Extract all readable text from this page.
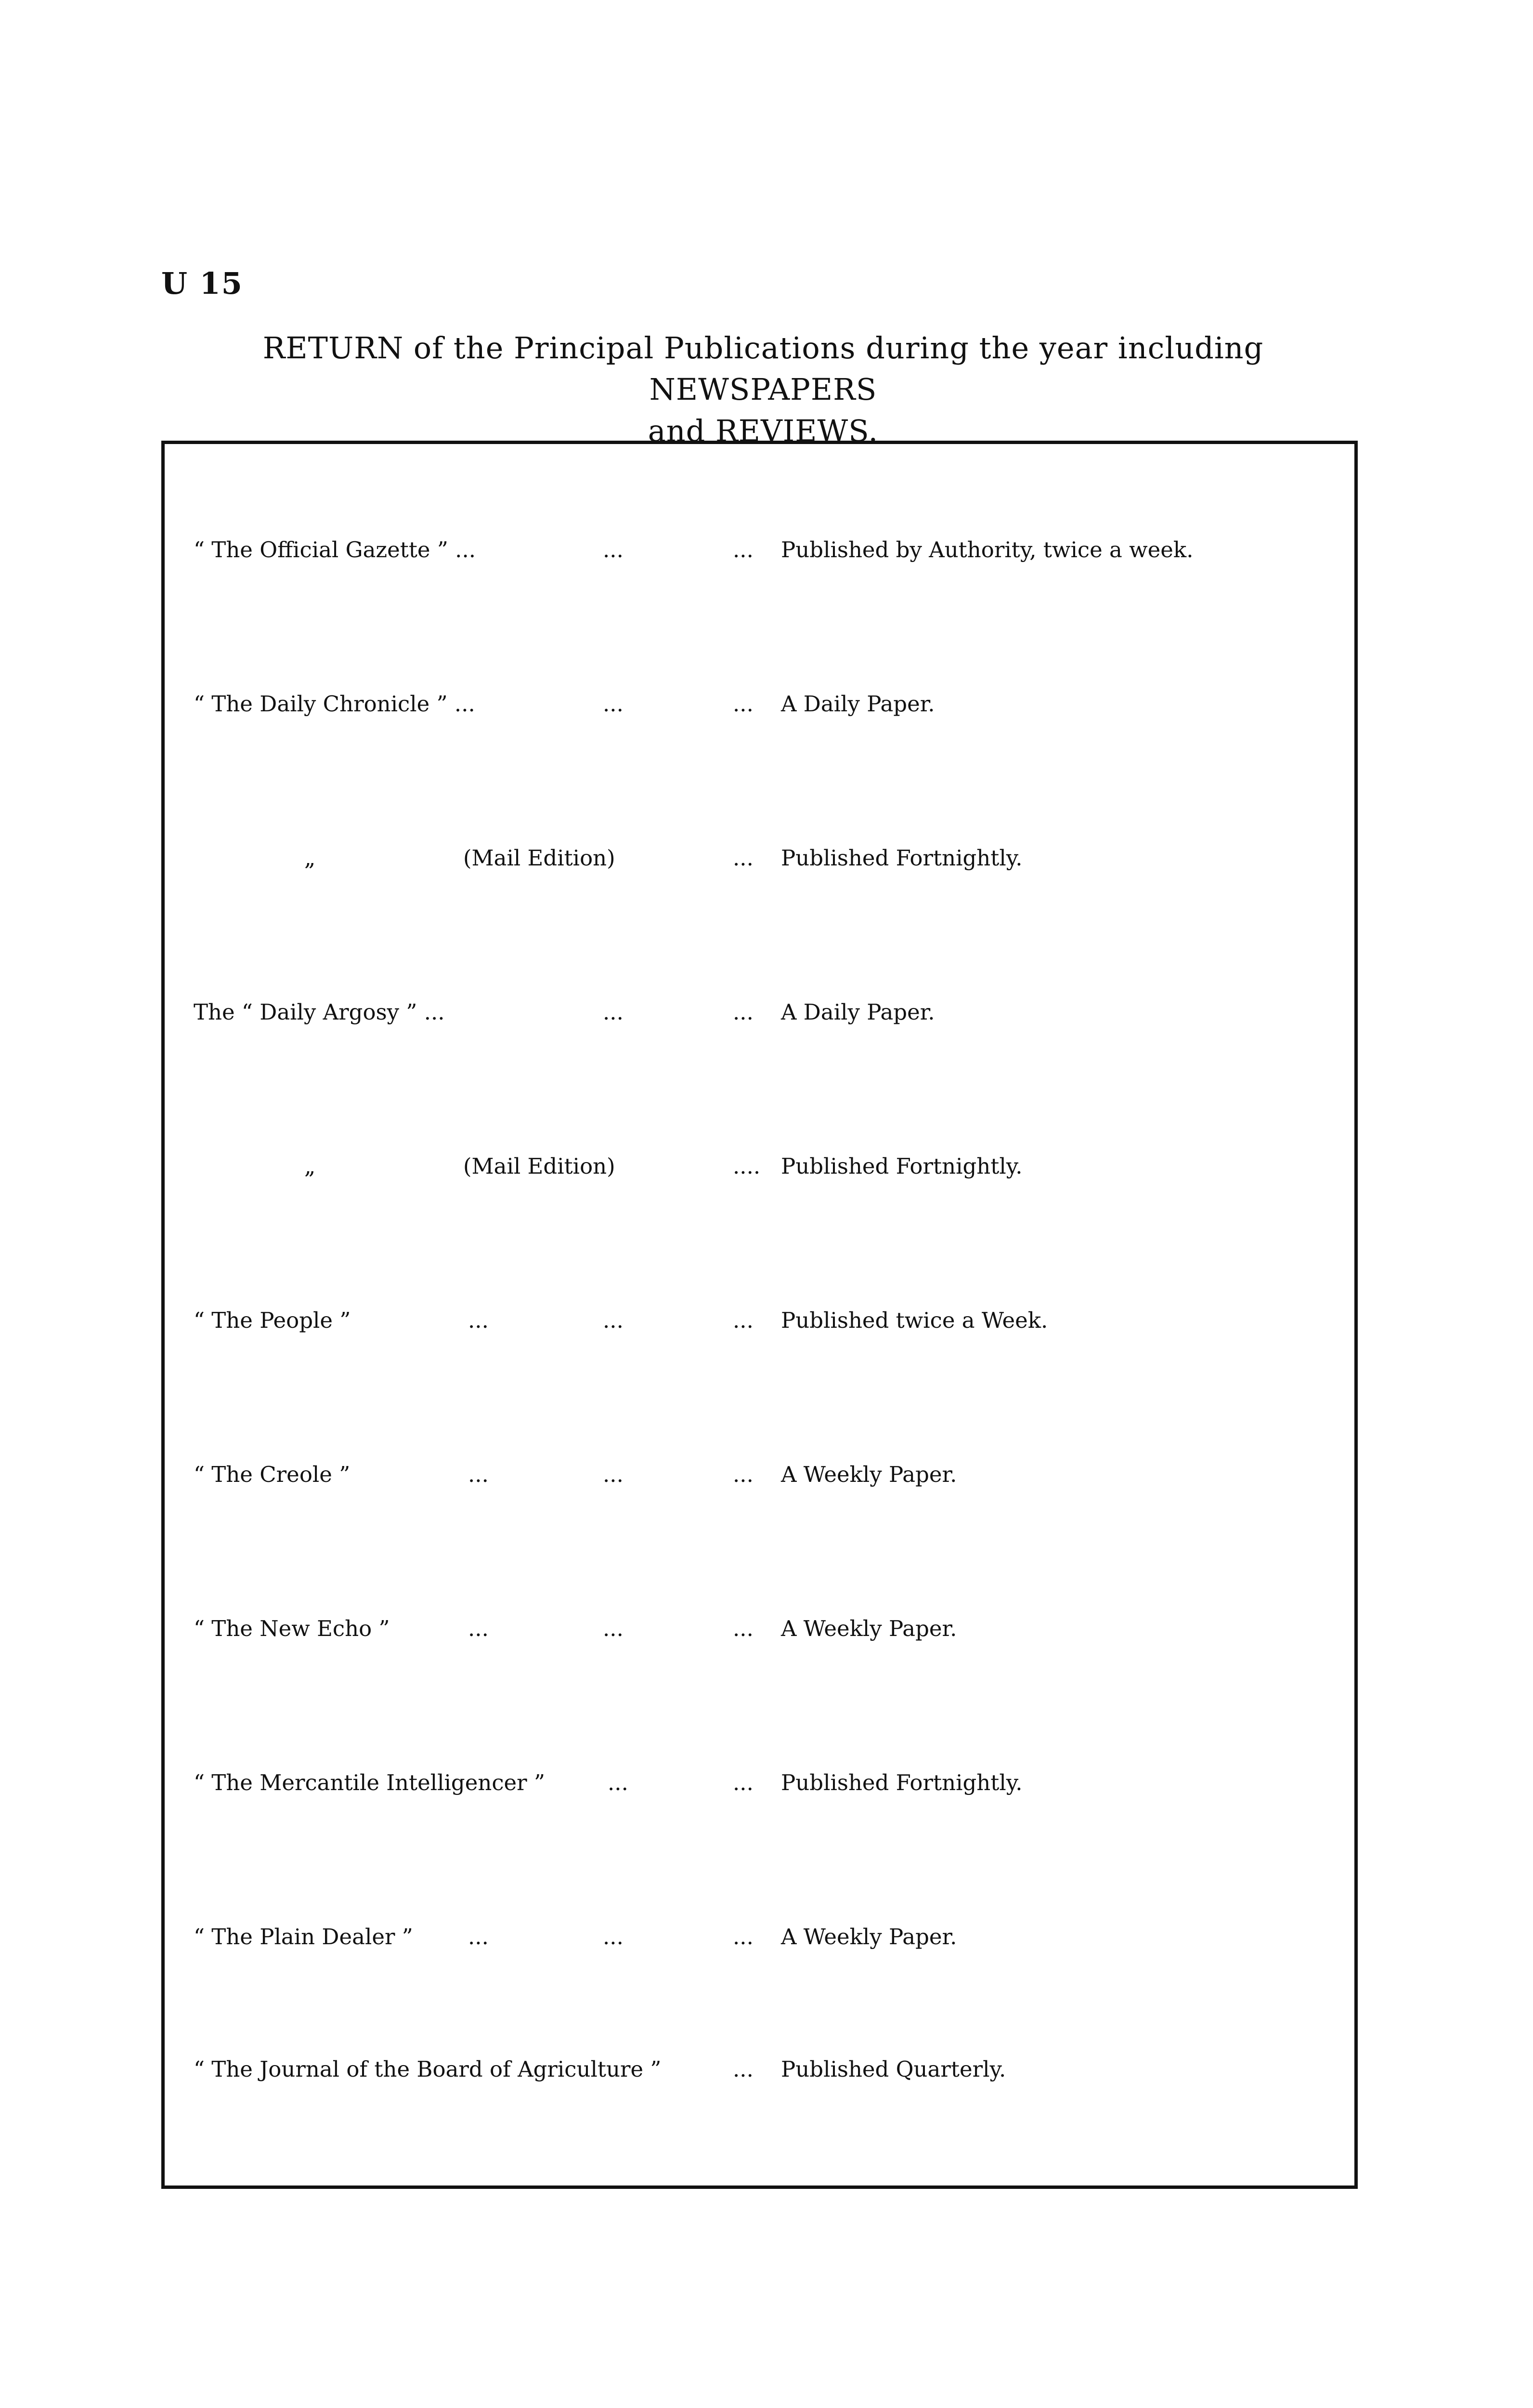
U 15
RETURN of the Principal Publications during the year including NEWSPAPERS
and REVIEWS.
“ The Official Gazette ” ...	...	... Published by Authority, twice a week.
“ The Daily Chronicle ” ...	...	... A Daily Paper.
„	(Mail Edition)	... Published Fortnightly.
The “ Daily Argosy ” ...	...	... A Daily Paper.
„	(Mail Edition)	.... Published Fortnightly.
“ The People ”	...	...	... Published twice a Week.
“ The Creole ”	...	...	... A Weekly Paper.
“ The New Echo ”	...	...	... A Weekly Paper.
“ The Mercantile Intelligencer ”	...	... Published Fortnightly.
“ The Plain Dealer ”	...	...	... A Weekly Paper.
“ The Journal of the Board of Agriculture ”	... Published Quarterly.
